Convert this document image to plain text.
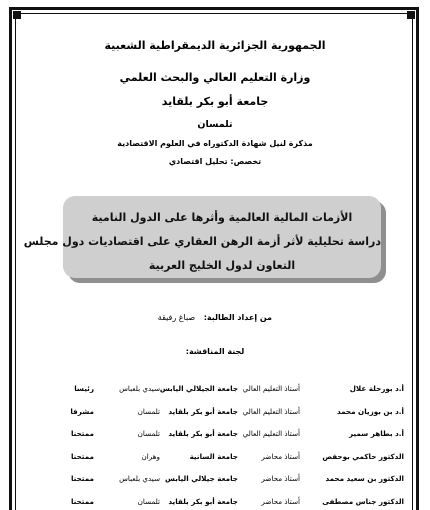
الجمهورية الجزائرية الديمقراطية الشعبية
وزارة التعليم العالي والبحث العلمي
جامعة أبو بكر بلقايد
تلمسان
مذكرة لنيل شهادة الدكتوراه في العلوم الاقتصادية
تخصص: تحليل اقتصادي
الأزمات المالية العالمية وأثرها على الدول النامية
دراسة تحليلية لأثر أزمة الرهن العقاري على اقتصاديات دول مجلس
التعاون لدول الخليج العربية
من إعداد الطالبة: صباغ رفيقة
لجنة المناقشة:
أ.د بورحلة علال
أستاذ التعليم العالي
جامعة الجيلالي اليابس
سيدي بلعباس
رئيسا
أ.د بن بوزيان محمد
أستاذ التعليم العالي
جامعة أبو بكر بلقايد
تلمسان
مشرفا
أ.د بطاهر سمير
أستاذ التعليم العالي
جامعة أبو بكر بلقايد
تلمسان
ممتحنا
الدكتور حاكمي بوحفص
أستاذ محاضر
جامعة السانية
وهران
ممتحنا
الدكتور بن سعيد محمد
أستاذ محاضر
جامعة جيلالي اليابس
سيدي بلعباس
ممتحنا
الدكتور جناس مصطفى
أستاذ محاضر
جامعة أبو بكر بلقايد
تلمسان
ممتحنا
